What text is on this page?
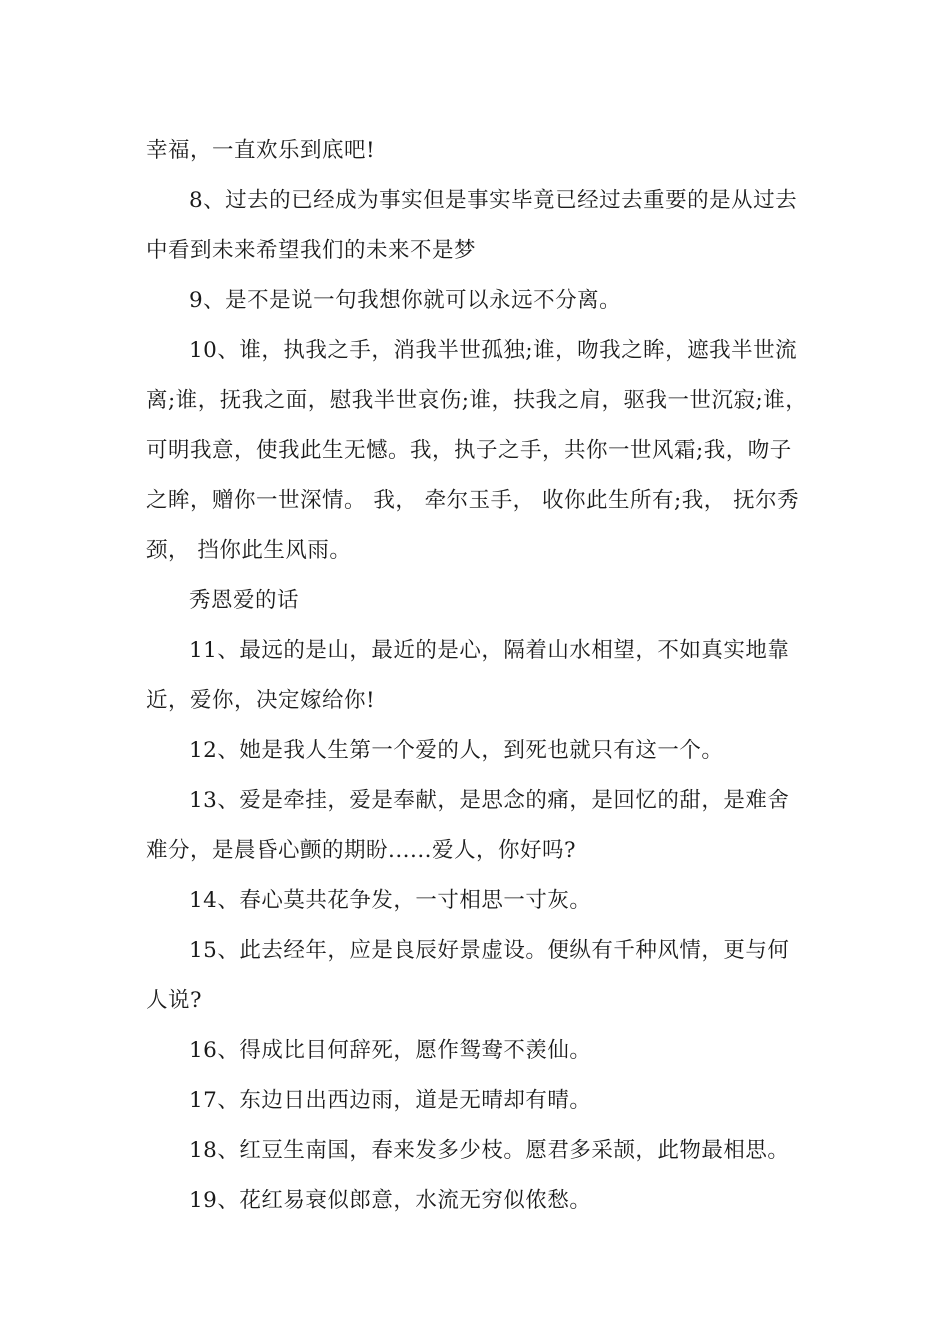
幸福，一直欢乐到底吧!

8、过去的已经成为事实但是事实毕竟已经过去重要的是从过去中看到未来希望我们的未来不是梦

9、是不是说一句我想你就可以永远不分离。

10、谁，执我之手，消我半世孤独;谁，吻我之眸，遮我半世流离;谁，抚我之面，慰我半世哀伤;谁，扶我之肩，驱我一世沉寂;谁，可明我意，使我此生无憾。我，执子之手，共你一世风霜;我，吻子之眸，赠你一世深情。 我， 牵尔玉手， 收你此生所有;我， 抚尔秀颈， 挡你此生风雨。

秀恩爱的话

11、最远的是山，最近的是心，隔着山水相望，不如真实地靠近，爱你，决定嫁给你!

12、她是我人生第一个爱的人，到死也就只有这一个。

13、爱是牵挂，爱是奉献，是思念的痛，是回忆的甜，是难舍难分，是晨昏心颤的期盼......爱人，你好吗?

14、春心莫共花争发，一寸相思一寸灰。

15、此去经年，应是良辰好景虚设。便纵有千种风情，更与何人说?

16、得成比目何辞死，愿作鸳鸯不羡仙。

17、东边日出西边雨，道是无晴却有晴。

18、红豆生南国，春来发多少枝。愿君多采颉，此物最相思。

19、花红易衰似郎意，水流无穷似侬愁。
